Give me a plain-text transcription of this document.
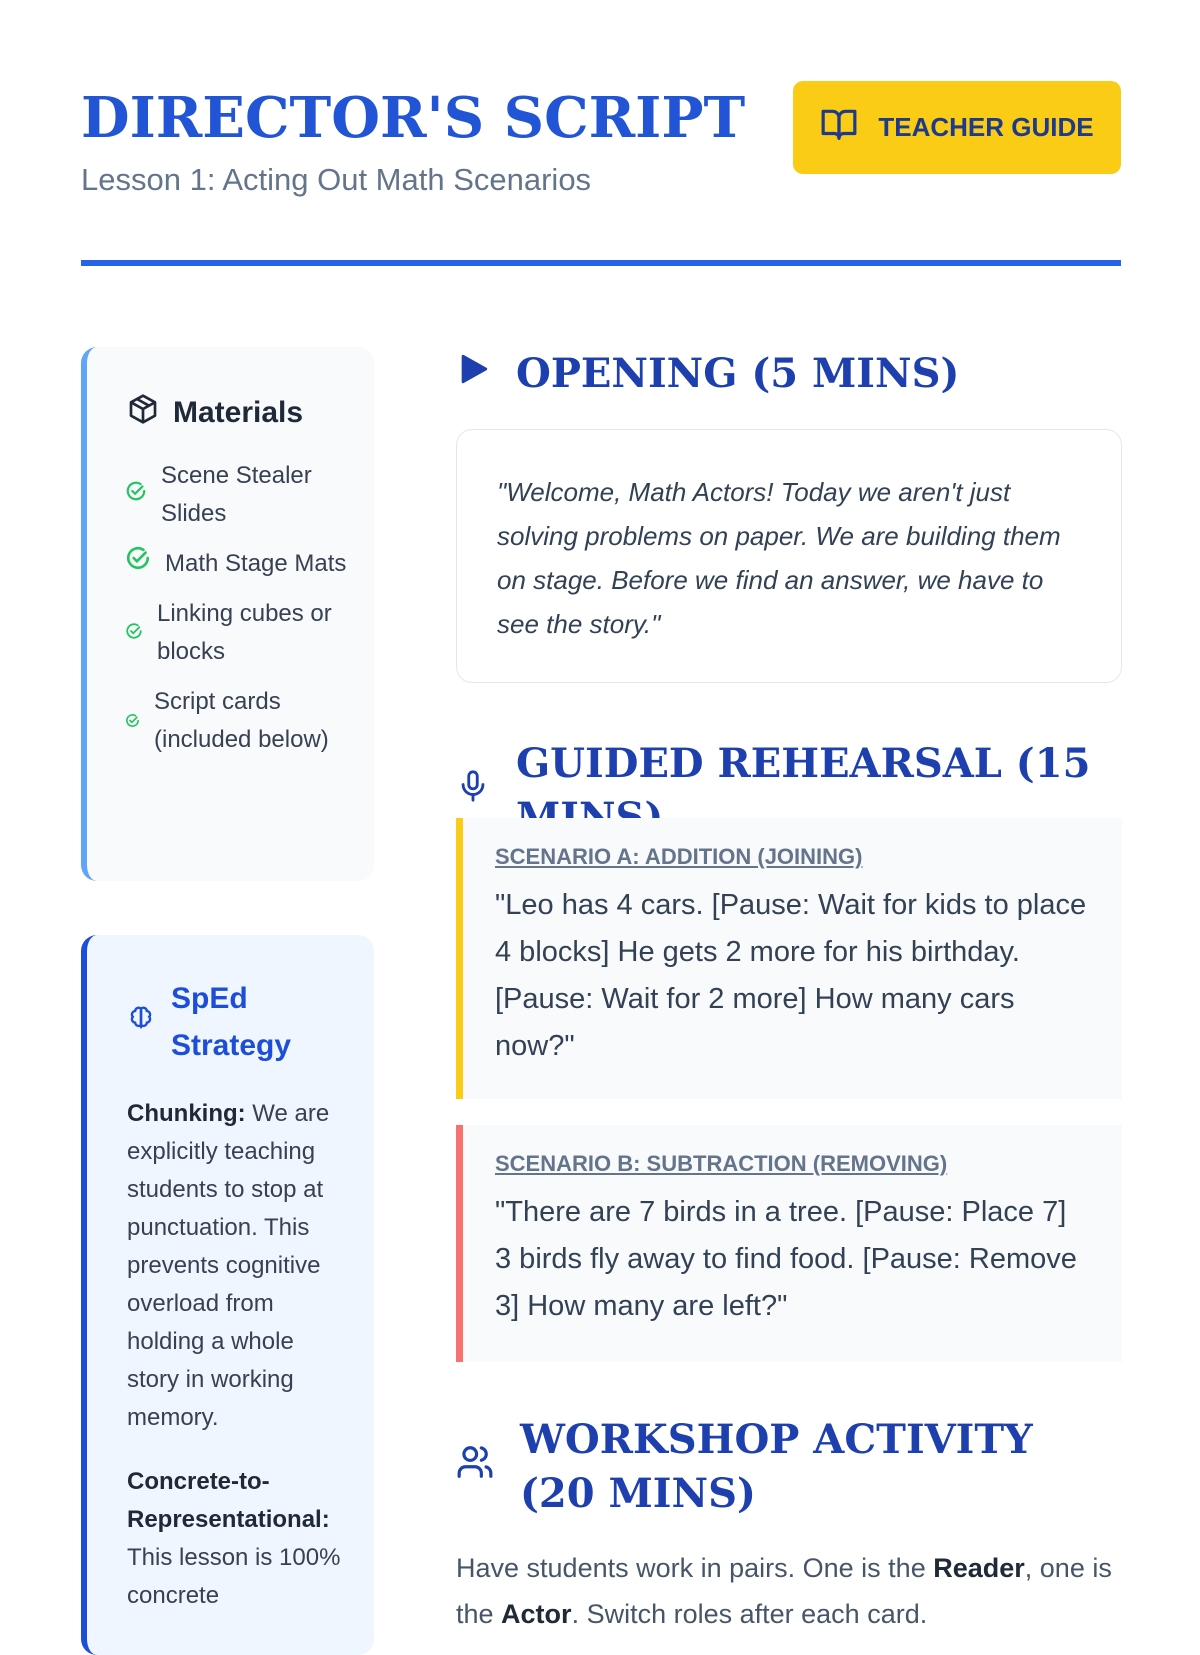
DIRECTOR'S SCRIPT
Lesson 1: Acting Out Math Scenarios
TEACHER GUIDE
Materials
Scene Stealer Slides
Math Stage Mats
Linking cubes or blocks
Script cards (included below)
SpEd Strategy

Chunking: We are explicitly teaching students to stop at punctuation. This prevents cognitive overload from holding a whole story in working memory.

Concrete-to-Representational: This lesson is 100% concrete

OPENING (5 MINS)
"Welcome, Math Actors! Today we aren't just solving problems on paper. We are building them on stage. Before we find an answer, we have to see the story."
GUIDED REHEARSAL (15
SCENARIO A: ADDITION (JOINING)
"Leo has 4 cars. [Pause: Wait for kids to place 4 blocks] He gets 2 more for his birthday. [Pause: Wait for 2 more] How many cars now?"
SCENARIO B: SUBTRACTION (REMOVING)
"There are 7 birds in a tree. [Pause: Place 7] 3 birds fly away to find food. [Pause: Remove 3] How many are left?"
WORKSHOP ACTIVITY (20 MINS)
Have students work in pairs. One is the Reader, one is the Actor. Switch roles after each card.
